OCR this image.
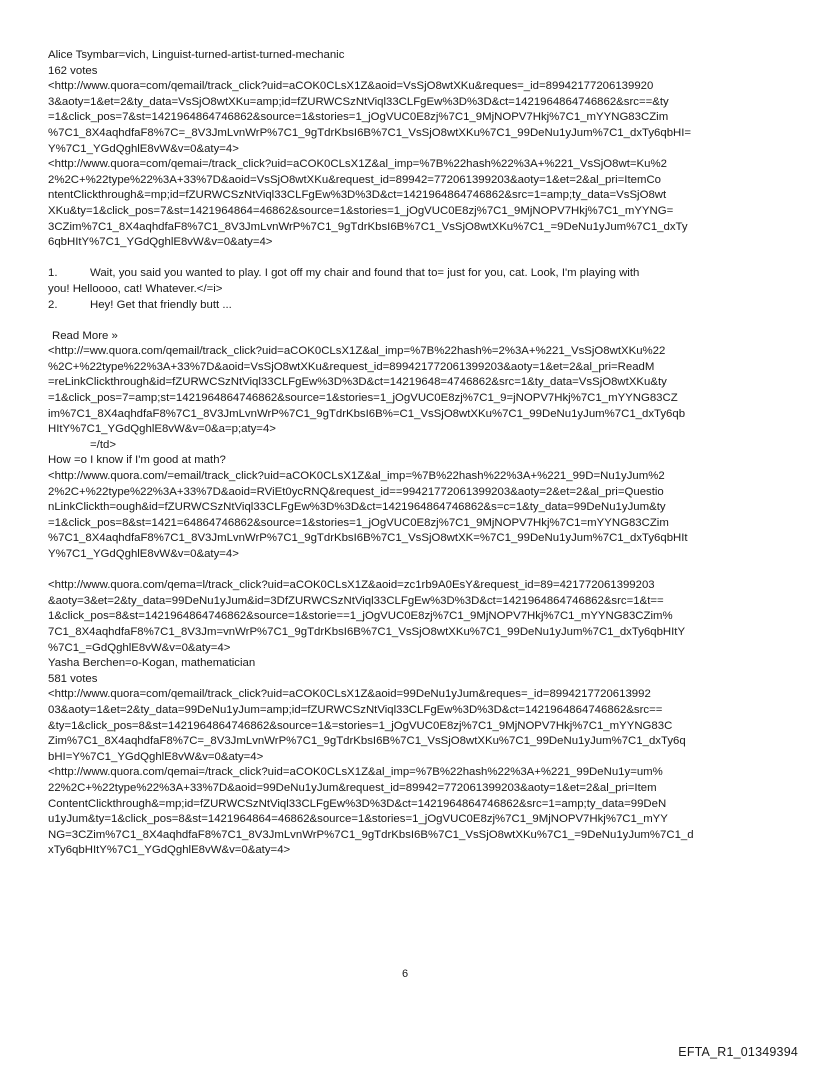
Alice Tsymbar=vich, Linguist-turned-artist-turned-mechanic
162 votes
<http://www.quora=com/qemail/track_click?uid=aCOK0CLsX1Z&aoid=VsSjO8wtXKu&reques=_id=89942177206139920
3&aoty=1&et=2&ty_data=VsSjO8wtXKu=amp;id=fZURWCSzNtViql33CLFgEw%3D%3D&ct=1421964864746862&src==&ty
=1&click_pos=7&st=1421964864746862&source=1&stories=1_jOgVUC0E8zj%7C1_9MjNOPV7Hkj%7C1_mYYNG83CZim
%7C1_8X4aqhdfaF8%7C=_8V3JmLvnWrP%7C1_9gTdrKbsI6B%7C1_VsSjO8wtXKu%7C1_99DeNu1yJum%7C1_dxTy6qbHI=
Y%7C1_YGdQghlE8vW&v=0&aty=4>
<http://www.quora=com/qemai=/track_click?uid=aCOK0CLsX1Z&al_imp=%7B%22hash%22%3A+%221_VsSjO8wt=Ku%2
2%2C+%22type%22%3A+33%7D&aoid=VsSjO8wtXKu&request_id=89942=772061399203&aoty=1&et=2&al_pri=ItemCo
ntentClickthrough&=mp;id=fZURWCSzNtViql33CLFgEw%3D%3D&ct=1421964864746862&src=1=amp;ty_data=VsSjO8wt
XKu&ty=1&click_pos=7&st=1421964864=46862&source=1&stories=1_jOgVUC0E8zj%7C1_9MjNOPV7Hkj%7C1_mYYNG=
3CZim%7C1_8X4aqhdfaF8%7C1_8V3JmLvnWrP%7C1_9gTdrKbsI6B%7C1_VsSjO8wtXKu%7C1_=9DeNu1yJum%7C1_dxTy
6qbHItY%7C1_YGdQghlE8vW&v=0&aty=4>
1.	Wait, you said you wanted to play. I got off my chair and found that to= just for you, cat. Look, I'm playing with
you! Helloooo, cat! Whatever.</=i>
2.	Hey! Get that friendly butt ...
Read More »
<http://=ww.quora.com/qemail/track_click?uid=aCOK0CLsX1Z&al_imp=%7B%22hash%=2%3A+%221_VsSjO8wtXKu%22
%2C+%22type%22%3A+33%7D&aoid=VsSjO8wtXKu&request_id=899421772061399203&aoty=1&et=2&al_pri=ReadM
=reLinkClickthrough&id=fZURWCSzNtViql33CLFgEw%3D%3D&ct=14219648=4746862&src=1&ty_data=VsSjO8wtXKu&ty
=1&click_pos=7=amp;st=1421964864746862&source=1&stories=1_jOgVUC0E8zj%7C1_9=jNOPV7Hkj%7C1_mYYNG83CZ
im%7C1_8X4aqhdfaF8%7C1_8V3JmLvnWrP%7C1_9gTdrKbsI6B%=C1_VsSjO8wtXKu%7C1_99DeNu1yJum%7C1_dxTy6qb
HItY%7C1_YGdQghlE8vW&v=0&a=p;aty=4>
=/td>
How =o I know if I'm good at math?
<http://www.quora.com/=email/track_click?uid=aCOK0CLsX1Z&al_imp=%7B%22hash%22%3A+%221_99D=Nu1yJum%2
2%2C+%22type%22%3A+33%7D&aoid=RViEt0ycRNQ&request_id==99421772061399203&aoty=2&et=2&al_pri=Questio
nLinkClickth=ough&id=fZURWCSzNtViql33CLFgEw%3D%3D&ct=1421964864746862&s=c=1&ty_data=99DeNu1yJum&ty
=1&click_pos=8&st=1421=64864746862&source=1&stories=1_jOgVUC0E8zj%7C1_9MjNOPV7Hkj%7C1=mYYNG83CZim
%7C1_8X4aqhdfaF8%7C1_8V3JmLvnWrP%7C1_9gTdrKbsI6B%7C1_VsSjO8wtXK=%7C1_99DeNu1yJum%7C1_dxTy6qbHIt
Y%7C1_YGdQghlE8vW&v=0&aty=4>
<http://www.quora.com/qema=l/track_click?uid=aCOK0CLsX1Z&aoid=zc1rb9A0EsY&request_id=89=421772061399203
&aoty=3&et=2&ty_data=99DeNu1yJum&id=3DfZURWCSzNtViql33CLFgEw%3D%3D&ct=1421964864746862&src=1&t==
1&click_pos=8&st=1421964864746862&source=1&storie==1_jOgVUC0E8zj%7C1_9MjNOPV7Hkj%7C1_mYYNG83CZim%
7C1_8X4aqhdfaF8%7C1_8V3Jm=vnWrP%7C1_9gTdrKbsI6B%7C1_VsSjO8wtXKu%7C1_99DeNu1yJum%7C1_dxTy6qbHItY
%7C1_=GdQghlE8vW&v=0&aty=4>
Yasha Berchen=o-Kogan, mathematician
581 votes
<http://www.quora=com/qemail/track_click?uid=aCOK0CLsX1Z&aoid=99DeNu1yJum&reques=_id=8994217720613992
03&aoty=1&et=2&ty_data=99DeNu1yJum=amp;id=fZURWCSzNtViql33CLFgEw%3D%3D&ct=1421964864746862&src==
&ty=1&click_pos=8&st=1421964864746862&source=1&=stories=1_jOgVUC0E8zj%7C1_9MjNOPV7Hkj%7C1_mYYNG83C
Zim%7C1_8X4aqhdfaF8%7C=_8V3JmLvnWrP%7C1_9gTdrKbsI6B%7C1_VsSjO8wtXKu%7C1_99DeNu1yJum%7C1_dxTy6q
bHI=Y%7C1_YGdQghlE8vW&v=0&aty=4>
<http://www.quora.com/qemai=/track_click?uid=aCOK0CLsX1Z&al_imp=%7B%22hash%22%3A+%221_99DeNu1y=um%
22%2C+%22type%22%3A+33%7D&aoid=99DeNu1yJum&request_id=89942=772061399203&aoty=1&et=2&al_pri=Item
ContentClickthrough&=mp;id=fZURWCSzNtViql33CLFgEw%3D%3D&ct=1421964864746862&src=1=amp;ty_data=99DeN
u1yJum&ty=1&click_pos=8&st=1421964864=46862&source=1&stories=1_jOgVUC0E8zj%7C1_9MjNOPV7Hkj%7C1_mYY
NG=3CZim%7C1_8X4aqhdfaF8%7C1_8V3JmLvnWrP%7C1_9gTdrKbsI6B%7C1_VsSjO8wtXKu%7C1_=9DeNu1yJum%7C1_d
xTy6qbHItY%7C1_YGdQghlE8vW&v=0&aty=4>
6
EFTA_R1_01349394
